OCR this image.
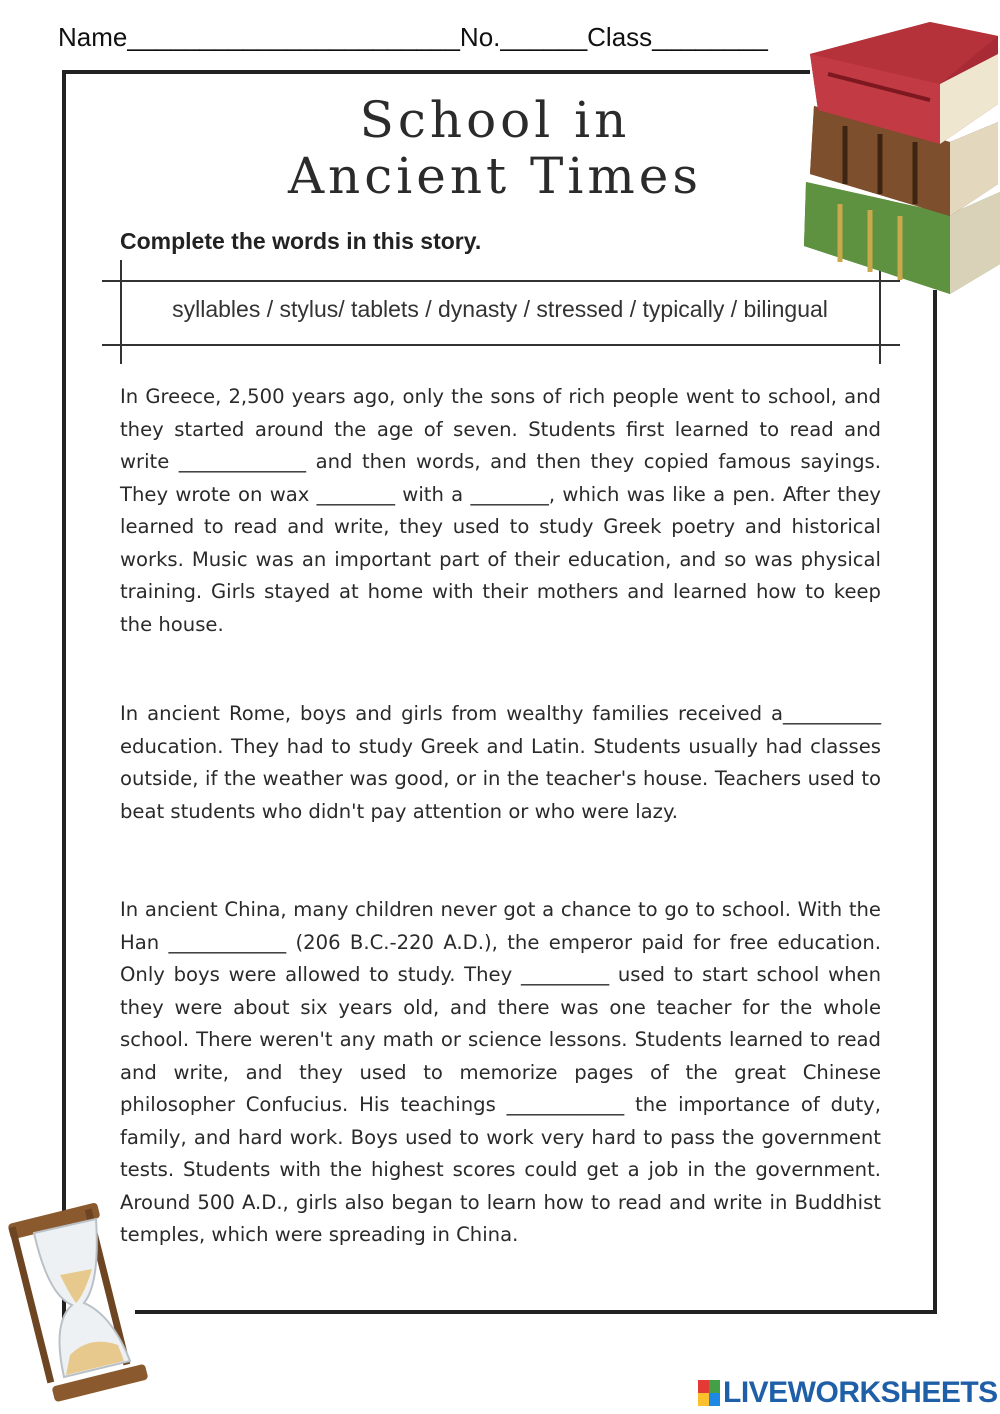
Name_______________________No.______Class________
School in
Ancient Times
Complete the words in this story.
syllables / stylus/ tablets / dynasty / stressed / typically / bilingual

In Greece, 2,500 years ago, only the sons of rich people went to school, and they started around the age of seven. Students first learned to read and write _____________ and then words, and then they copied famous sayings. They wrote on wax ________ with a ________, which was like a pen. After they learned to read and write, they used to study Greek poetry and historical works. Music was an important part of their education, and so was physical training. Girls stayed at home with their mothers and learned how to keep the house.

In ancient Rome, boys and girls from wealthy families received a__________ education. They had to study Greek and Latin. Students usually had classes outside, if the weather was good, or in the teacher's house. Teachers used to beat students who didn't pay attention or who were lazy.

In ancient China, many children never got a chance to go to school. With the Han ____________ (206 B.C.-220 A.D.), the emperor paid for free education. Only boys were allowed to study. They _________ used to start school when they were about six years old, and there was one teacher for the whole school. There weren't any math or science lessons. Students learned to read and write, and they used to memorize pages of the great Chinese philosopher Confucius. His teachings ____________ the importance of duty, family, and hard work. Boys used to work very hard to pass the government tests. Students with the highest scores could get a job in the government. Around 500 A.D., girls also began to learn how to read and write in Buddhist temples, which were spreading in China.

LIVEWORKSHEETS
